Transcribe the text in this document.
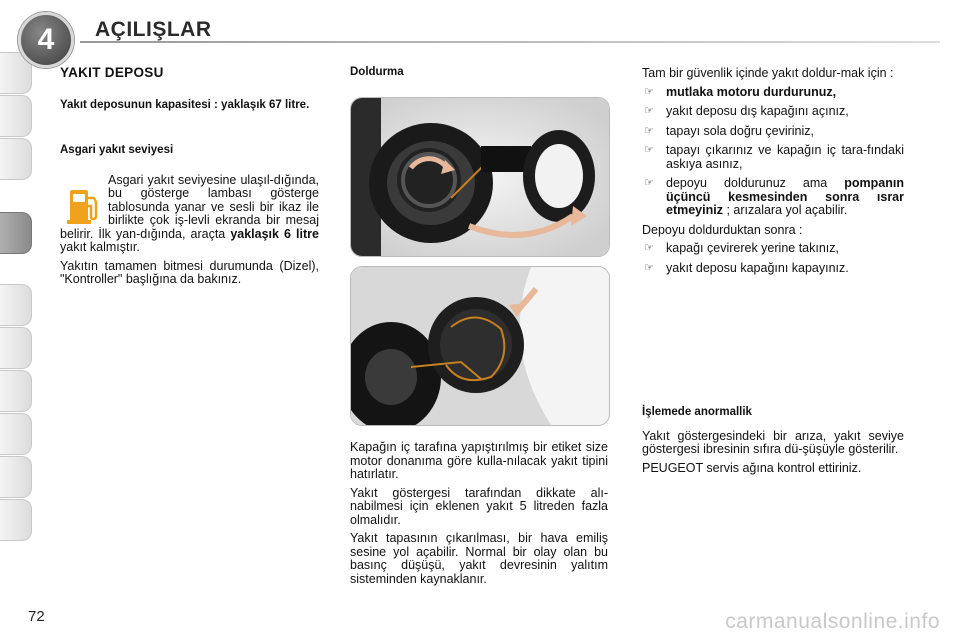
4	AÇILIŞLAR
YAKIT DEPOSU
Yakıt deposunun kapasitesi : yaklaşık 67 litre.
Asgari yakıt seviyesi

Asgari yakıt seviyesine ulaşıl-dığında, bu gösterge lambası gösterge tablosunda yanar ve sesli bir ikaz ile birlikte çok iş-levli ekranda bir mesaj belirir. İlk yan-dığında, araçta yaklaşık 6 litre yakıt kalmıştır.

Yakıtın tamamen bitmesi durumunda (Dizel), "Kontroller" başlığına da bakınız.

Doldurma

Kapağın iç tarafına yapıştırılmış bir etiket size motor donanıma göre kulla-nılacak yakıt tipini hatırlatır.

Yakıt göstergesi tarafından dikkate alı-nabilmesi için eklenen yakıt 5 litreden fazla olmalıdır.

Yakıt tapasının çıkarılması, bir hava emiliş sesine yol açabilir. Normal bir olay olan bu basınç düşüşü, yakıt devresinin yalıtım sisteminden kaynaklanır.

Tam bir güvenlik içinde yakıt doldur-mak için :

☞ mutlaka motoru durdurunuz,
☞ yakıt deposu dış kapağını açınız,
☞ tapayı sola doğru çeviriniz,
☞ tapayı çıkarınız ve kapağın iç tara-fındaki askıya asınız,
☞ depoyu doldurunuz ama pompanın üçüncü kesmesinden sonra ısrar etmeyiniz ; arızalara yol açabilir.

Depoyu doldurduktan sonra :

☞ kapağı çevirerek yerine takınız,
☞ yakıt deposu kapağını kapayınız.
İşlemede anormallik

Yakıt göstergesindeki bir arıza, yakıt seviye göstergesi ibresinin sıfıra dü-şüşüyle gösterilir.

PEUGEOT servis ağına kontrol ettiriniz.

72	carmanualsonline.info
